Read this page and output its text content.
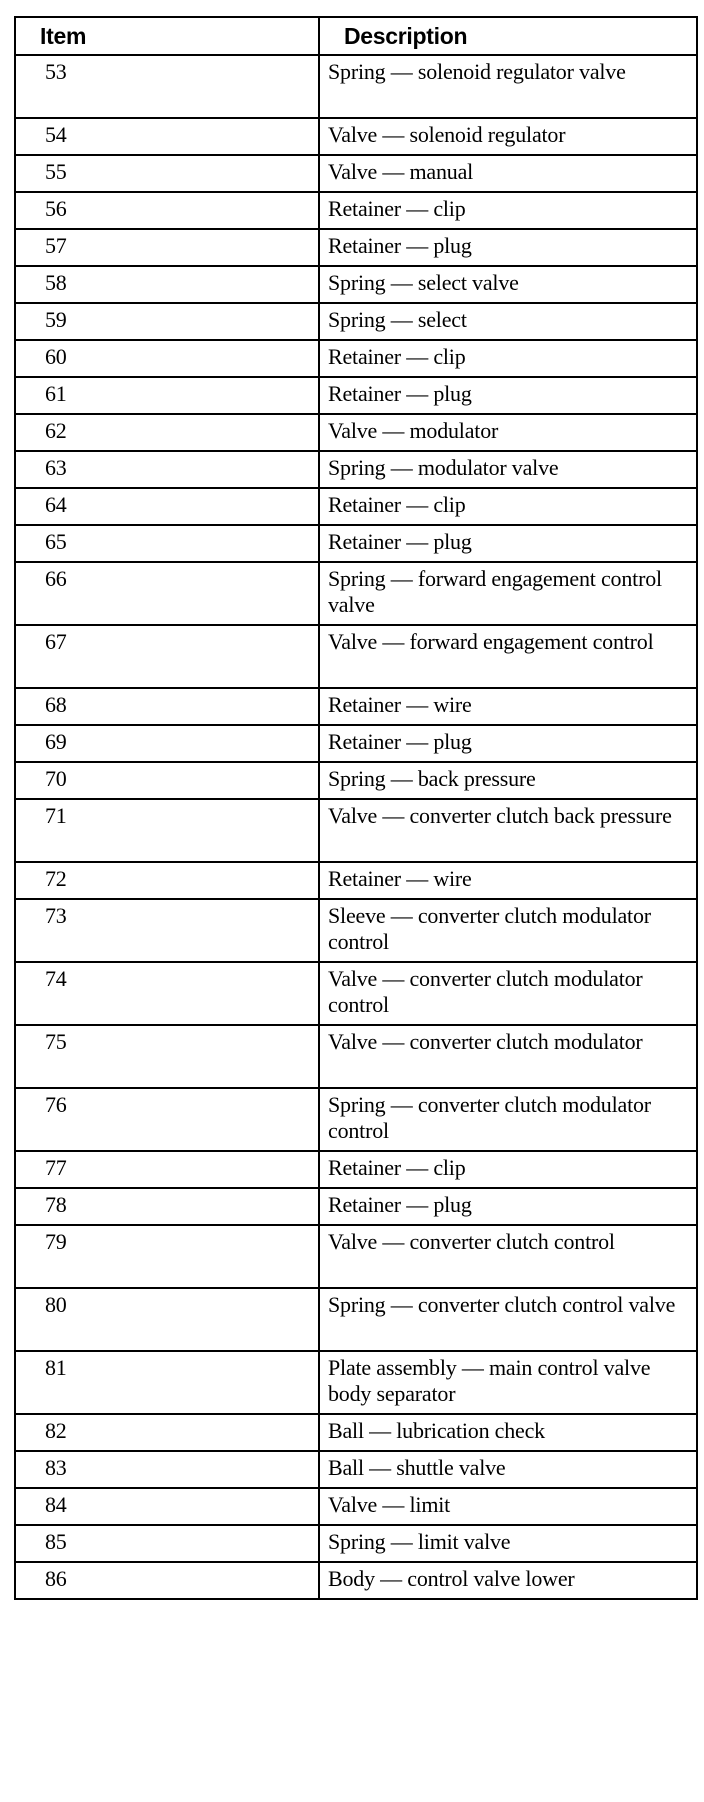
Item	Description
53	Spring — solenoid regulator valve
54	Valve — solenoid regulator
55	Valve — manual
56	Retainer — clip
57	Retainer — plug
58	Spring — select valve
59	Spring — select
60	Retainer — clip
61	Retainer — plug
62	Valve — modulator
63	Spring — modulator valve
64	Retainer — clip
65	Retainer — plug
66	Spring — forward engagement control valve
67	Valve — forward engagement control
68	Retainer — wire
69	Retainer — plug
70	Spring — back pressure
71	Valve — converter clutch back pressure
72	Retainer — wire
73	Sleeve — converter clutch modulator control
74	Valve — converter clutch modulator control
75	Valve — converter clutch modulator
76	Spring — converter clutch modulator control
77	Retainer — clip
78	Retainer — plug
79	Valve — converter clutch control
80	Spring — converter clutch control valve
81	Plate assembly — main control valve body separator
82	Ball — lubrication check
83	Ball — shuttle valve
84	Valve — limit
85	Spring — limit valve
86	Body — control valve lower
